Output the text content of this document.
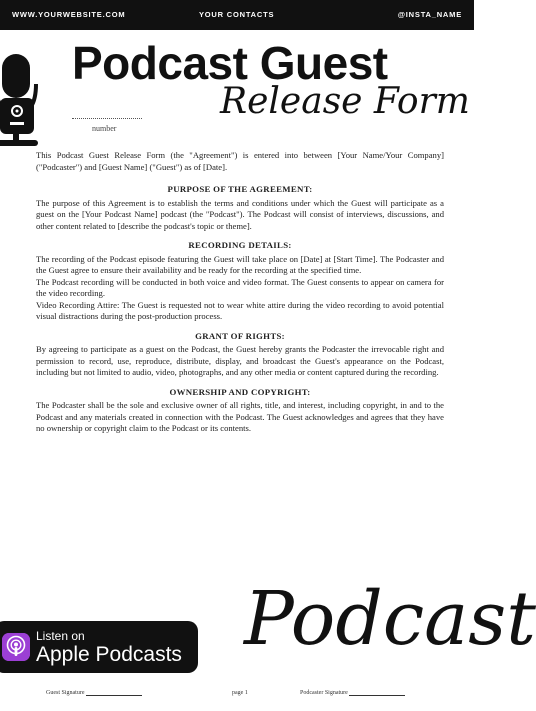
WWW.YOURWEBSITE.COM	YOUR CONTACTS	@INSTA_NAME
Podcast Guest
Release Form
number

This Podcast Guest Release Form (the "Agreement") is entered into between [Your Name/Your Company] ("Podcaster") and [Guest Name] ("Guest") as of [Date].

PURPOSE OF THE AGREEMENT:

The purpose of this Agreement is to establish the terms and conditions under which the Guest will participate as a guest on the [Your Podcast Name] podcast (the "Podcast"). The Podcast will consist of interviews, discussions, and other content related to [describe the podcast's topic or theme].

RECORDING DETAILS:

The recording of the Podcast episode featuring the Guest will take place on [Date] at [Start Time]. The Podcaster and the Guest agree to ensure their availability and be ready for the recording at the specified time.

The Podcast recording will be conducted in both voice and video format. The Guest consents to appear on camera for the video recording.

Video Recording Attire: The Guest is requested not to wear white attire during the video recording to avoid potential visual distractions during the post-production process.

GRANT OF RIGHTS:

By agreeing to participate as a guest on the Podcast, the Guest hereby grants the Podcaster the irrevocable right and permission to record, use, reproduce, distribute, display, and broadcast the Guest's appearance on the Podcast, including but not limited to audio, video, photographs, and any other media or content captured during the recording.

OWNERSHIP AND COPYRIGHT:

The Podcaster shall be the sole and exclusive owner of all rights, title, and interest, including copyright, in and to the Podcast and any materials created in connection with the Podcast. The Guest acknowledges and agrees that they have no ownership or copyright claim to the Podcast or its contents.

Listen on
Apple Podcasts Podcast
Guest Signature	page 1	Podcaster Signature
